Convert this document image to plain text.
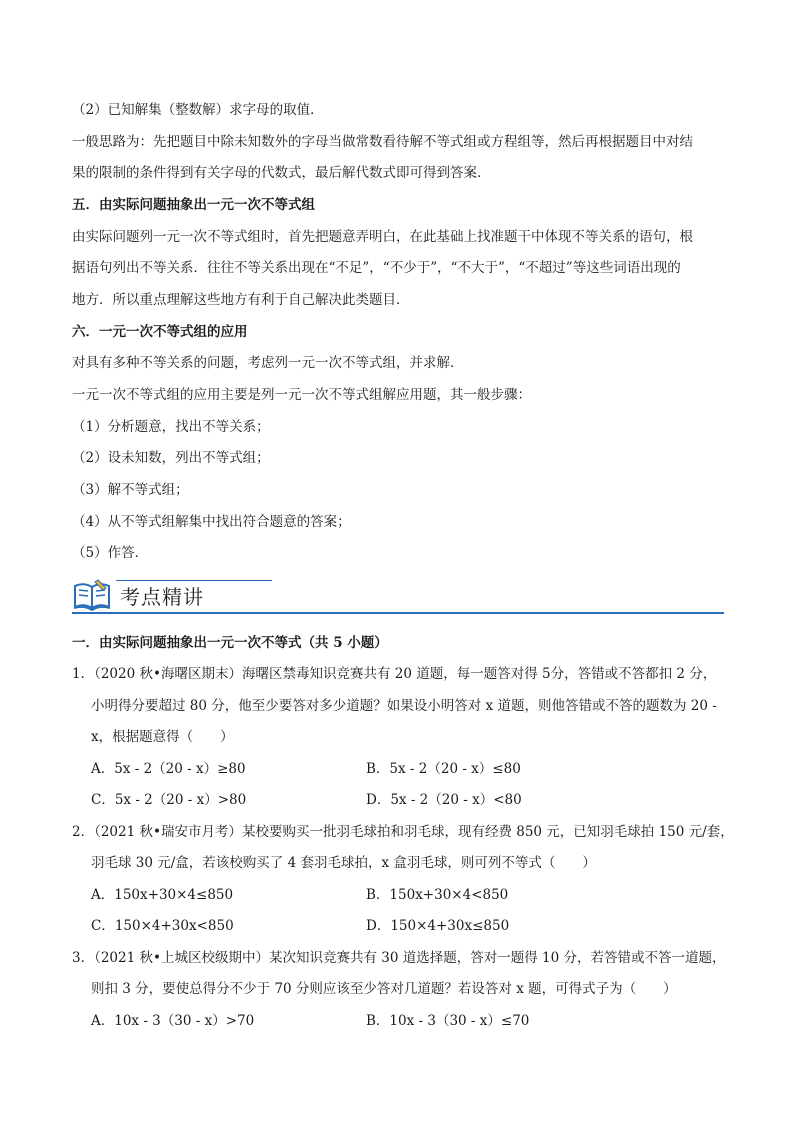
（2）已知解集（整数解）求字母的取值．
一般思路为：先把题目中除未知数外的字母当做常数看待解不等式组或方程组等，然后再根据题目中对结
果的限制的条件得到有关字母的代数式，最后解代数式即可得到答案．
五．由实际问题抽象出一元一次不等式组
由实际问题列一元一次不等式组时，首先把题意弄明白，在此基础上找准题干中体现不等关系的语句，根
据语句列出不等关系．往往不等关系出现在“不足”，“不少于”，“不大于”，“不超过”等这些词语出现的
地方．所以重点理解这些地方有利于自己解决此类题目．
六．一元一次不等式组的应用
对具有多种不等关系的问题，考虑列一元一次不等式组，并求解．
一元一次不等式组的应用主要是列一元一次不等式组解应用题，其一般步骤：
（1）分析题意，找出不等关系；
（2）设未知数，列出不等式组；
（3）解不等式组；
（4）从不等式组解集中找出符合题意的答案；
（5）作答．
考点精讲
一．由实际问题抽象出一元一次不等式（共 5 小题）
1．（2020 秋•海曙区期末）海曙区禁毒知识竞赛共有 20 道题，每一题答对得 5分，答错或不答都扣 2 分，
小明得分要超过 80 分，他至少要答对多少道题？如果设小明答对 x 道题，则他答错或不答的题数为 20 -
x，根据题意得（　　）
A．5x - 2（20 - x）≥80	B．5x - 2（20 - x）≤80
C．5x - 2（20 - x）>80	D．5x - 2（20 - x）<80
2．（2021 秋•瑞安市月考）某校要购买一批羽毛球拍和羽毛球，现有经费 850 元，已知羽毛球拍 150 元/套，
羽毛球 30 元/盒，若该校购买了 4 套羽毛球拍，x 盒羽毛球，则可列不等式（　　）
A．150x+30×4≤850	B．150x+30×4<850
C．150×4+30x<850	D．150×4+30x≤850
3．（2021 秋•上城区校级期中）某次知识竞赛共有 30 道选择题，答对一题得 10 分，若答错或不答一道题，
则扣 3 分，要使总得分不少于 70 分则应该至少答对几道题？若设答对 x 题，可得式子为（　　）
A．10x - 3（30 - x）>70	B．10x - 3（30 - x）≤70
